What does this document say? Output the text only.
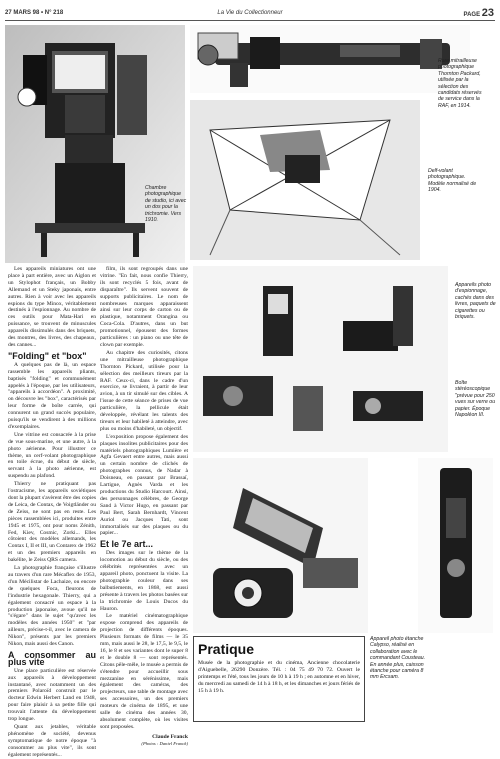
27 MARS 98 • N° 218	La Vie du Collectionneur	PAGE 23
Chambre photographique de studio, ici avec un dos pour la trichromie. Vers 1910.
Rare mitrailleuse photographique Thornton Packard, utilisée par la sélection des candidats réservés de service dans la RAF, en 1914.
Delf-volant photographique. Modèle normalisé de 1904.

Les appareils miniatures ont une place à part entière, avec un Aiglon et un Stylophot français, un Bobby Allemand et un Steky japonais, entre autres. Rien à voir avec les appareils espions du type Minox, véritablement destinés à l'espionnage. Au nombre de ces outils pour Mata-Hari en puissance, se trouvent de minuscules appareils dissimulés dans des briquets, des montres, des livres, des chapeaux, des cannes...

"Folding" et "box"

A quelques pas de là, un espace rassemble les appareils pliants, baptisés "folding" et communément appelés à l'époque, par les utilisateurs, "appareils à accordéon". A proximité, on découvre les "box", caractérisés par leur forme de boîte carrée, qui connurent un grand succès populaire, puisqu'ils se vendirent à des millions d'exemplaires.

Une vitrine est consacrée à la prise de vue sous-marine, et une autre, à la photo aérienne. Pour illustrer ce thème, un cerf-volant photographique en toile écrue, du début de siècle, servant à la photo aérienne, est suspendu au plafond.

Thierry ne pratiquant pas l'ostracisme, les appareils soviétiques dont la plupart s'avèrent être des copies de Leica, de Contax, de Voigtländer ou de Zeiss, ne sont pas en reste. Les pièces rassemblées ici, produites entre 1945 et 1975, ont pour noms Zénith, Fed, Kiev, Cosmic, Zorki... Elles côtoient des modèles allemands, les Contax I, II et III, un Contarex de 1962 et un des premiers appareils en bakélite, le Zeiss QRS camera.

La photographie française s'illustre au travers d'un rare Mécaflex de 1953, d'un Mécilistar de Lachaize, ou encore de quelques Foca, fleurons de l'industrie hexagonale. Thierry, qui a également consacré un espace à la production japonaise, avoue qu'il ne "s'égare" dans le sujet "qu'avec les modèles des années 1950" et "par ailleurs, précise-t-il, avec le camera de Nikon", présents par les premiers Nikon, mais aussi des Canon.

A consommer au plus vite

Une place particulière est réservée aux appareils à développement instantané, avec notamment un des premiers Polaroïd construit par le docteur Edwin Herbert Land en 1948, pour faire plaisir à sa petite fille qui trouvait l'attente du développement trop longue.

Quant aux jetables, véritable phénomène de société, devenus symptomatique de notre époque "à consommer au plus vite", ils sont également représentés...

film, ils sont regroupés dans une vitrine. "En fait, nous confie Thierry, ils sont recyclés 5 fois, avant de disparaître". Ils servent souvent de supports publicitaires. Le nom de nombreuses marques apparaissent ainsi sur leur corps de carton ou de plastique, notamment Orangina ou Coca-Cola. D'autres, dans un but promotionnel, épousent des formes particulières : un piano ou une tête de clown par exemple.

Au chapitre des curiosités, citons une mitrailleuse photographique Thornton Pickard, utilisée pour la sélection des meilleurs tireurs par la RAF. Ceux-ci, dans le cadre d'un exercice, se livraient, à partir de leur avion, à un tir simulé sur des cibles. A l'issue de cette séance de prises de vue particulière, la pellicule était développée, révélant les talents des tireurs et leur habileté à atteindre, avec plus ou moins d'habileté, un objectif.

L'exposition propose également des plaques insolites publicitaires pour des matériels photographiques Lumière et Agfa Gevaert entre autres, mais aussi un certain nombre de clichés de photographes connus, de Nadar à Doisneau, en passant par Brassaï, Lartigue, Agnès Varda et les productions du Studio Harcourt. Ainsi, des personnages célèbres, de George Sand à Victor Hugo, en passant par Paul Bert, Sarah Bernhardt, Vincent Auriol ou Jacques Tati, sont immortalisés sur des plaques ou du papier...

Et le 7e art...

Des images sur le thème de la locomotion au début du siècle, ou des célébrités représentées avec un appareil photo, ponctuent la visite. La photographie couleur dans ses balbutiements, en 1868, est aussi présente à travers les photos basées sur la trichromie de Louis Ducos du Hauron.

Le matériel cinématographique expose comprend des appareils de projection de différents époques. Plusieurs formats de films — le 35 mm, mais aussi le 28, le 17,5, le 9,5, le 16, le 8 et ses variantes dont le super 8 et le double 8 — sont représentés. Citons pêle-mêle, le musée a permis de s'étendre pour accueillir sous mezzanine en sérénissime, mais également des caméras, des projecteurs, une table de montage avec ses accessoires, un des premiers moteurs de cinéma de 1895, et une salle de cinéma des années 30, absolument complète, où les visites sont proposées.

Claude Franck
(Photos : Daniel Franck)
Appareils photo d'espionnage, cachés dans des livres, paquets de cigarettes ou briquets.
Boîte stéréoscopique "prévue pour 250 vues sur verre ou papier. Époque Napoléon III.
Appareil photo étanche Calypso, réalisé en collaboration avec le commandant Cousteau. En année plus, caisson étanche pour caméra 8 mm Ercsam.
Pratique
Musée de la photographie et du cinéma, Ancienne chocolaterie d'Aiguebelle, 26290 Donzère. Tél. : 04 75 49 70 72. Ouvert le printemps et l'été, tous les jours de 10 h à 19 h ; en automne et en hiver, du mercredi au samedi de 14 h à 18 h, et les dimanches et jours fériés de 15 h à 19 h.
